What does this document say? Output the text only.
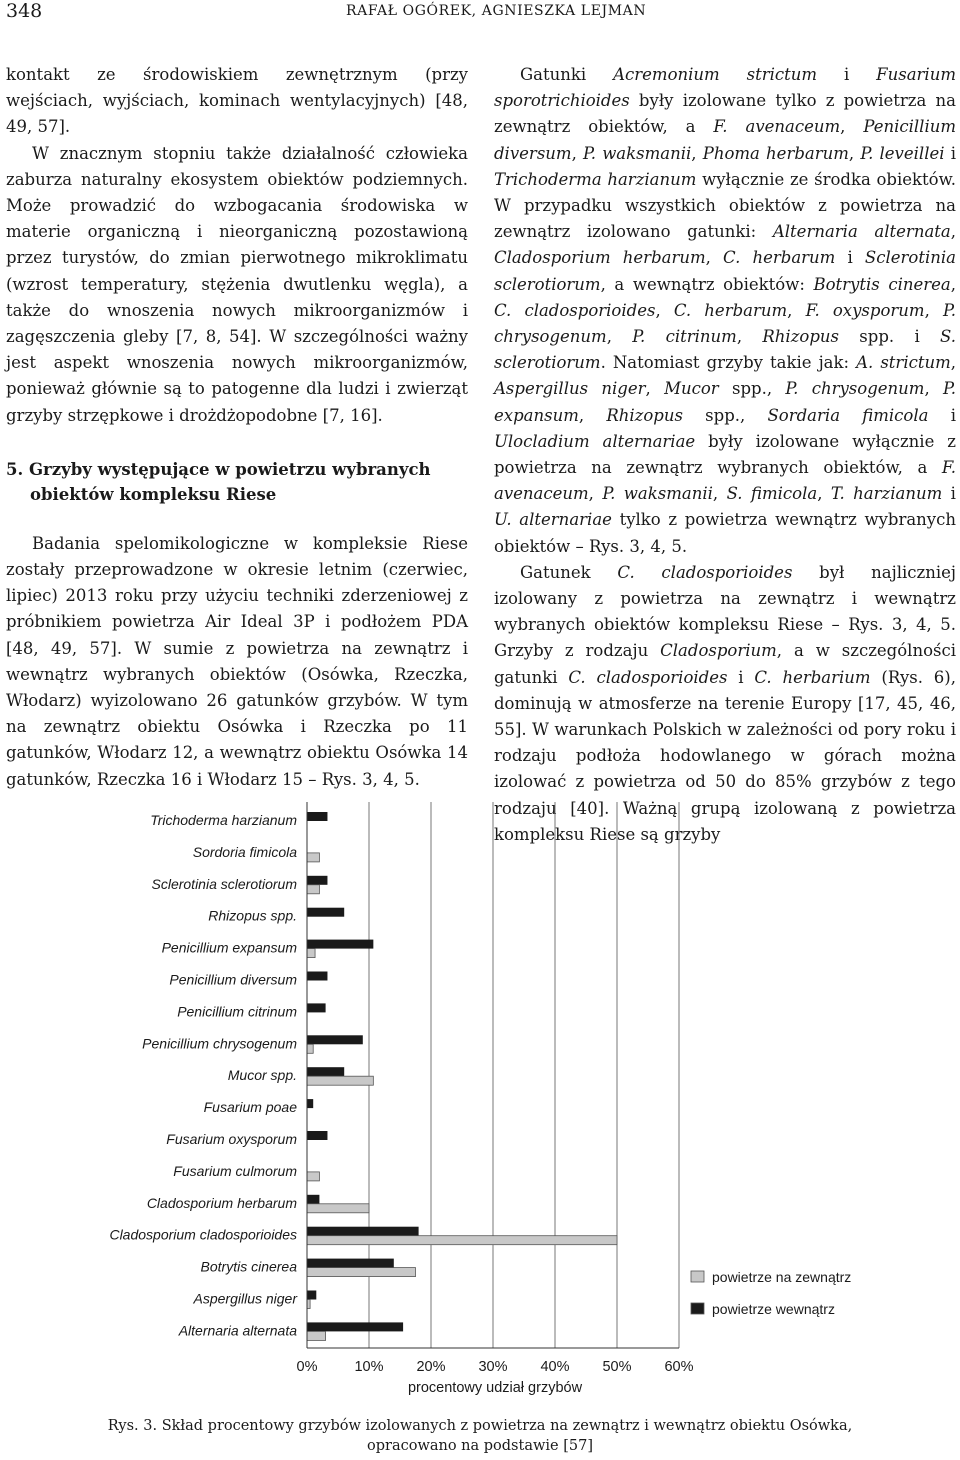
348	RAFAŁ OGÓREK, AGNIESZKA LEJMAN

kontakt ze środowiskiem zewnętrznym (przy wejściach, wyjściach, kominach wentylacyjnych) [48, 49, 57].

W znacznym stopniu także działalność człowieka zaburza naturalny ekosystem obiektów podziemnych. Może prowadzić do wzbogacania środowiska w materie organiczną i nieorganiczną pozostawioną przez turystów, do zmian pierwotnego mikroklimatu (wzrost temperatury, stężenia dwutlenku węgla), a także do wnoszenia nowych mikroorganizmów i zagęszczenia gleby [7, 8, 54]. W szczególności ważny jest aspekt wnoszenia nowych mikroorganizmów, ponieważ głównie są to patogenne dla ludzi i zwierząt grzyby strzępkowe i drożdżopodobne [7, 16].

5. Grzyby występujące w powietrzu wybranych obiektów kompleksu Riese

Badania spelomikologiczne w kompleksie Riese zostały przeprowadzone w okresie letnim (czerwiec, lipiec) 2013 roku przy użyciu techniki zderzeniowej z próbnikiem powietrza Air Ideal 3P i podłożem PDA [48, 49, 57]. W sumie z powietrza na zewnątrz i wewnątrz wybranych obiektów (Osówka, Rzeczka, Włodarz) wyizolowano 26 gatunków grzybów. W tym na zewnątrz obiektu Osówka i Rzeczka po 11 gatunków, Włodarz 12, a wewnątrz obiektu Osówka 14 gatunków, Rzeczka 16 i Włodarz 15 – Rys. 3, 4, 5.

Gatunki Acremonium strictum i Fusarium sporotrichioides były izolowane tylko z powietrza na zewnątrz obiektów, a F. avenaceum, Penicillium diversum, P. waksmanii, Phoma herbarum, P. leveillei i Trichoderma harzianum wyłącznie ze środka obiektów. W przypadku wszystkich obiektów z powietrza na zewnątrz izolowano gatunki: Alternaria alternata, Cladosporium herbarum, C. herbarum i Sclerotinia sclerotiorum, a wewnątrz obiektów: Botrytis cinerea, C. cladosporioides, C. herbarum, F. oxysporum, P. chrysogenum, P. citrinum, Rhizopus spp. i S. sclerotiorum. Natomiast grzyby takie jak: A. strictum, Aspergillus niger, Mucor spp., P. chrysogenum, P. expansum, Rhizopus spp., Sordaria fimicola i Ulocladium alternariae były izolowane wyłącznie z powietrza na zewnątrz wybranych obiektów, a F. avenaceum, P. waksmanii, S. fimicola, T. harzianum i U. alternariae tylko z powietrza wewnątrz wybranych obiektów – Rys. 3, 4, 5.

Gatunek C. cladosporioides był najliczniej izolowany z powietrza na zewnątrz i wewnątrz wybranych obiektów kompleksu Riese – Rys. 3, 4, 5. Grzyby z rodzaju Cladosporium, a w szczególności gatunki C. cladosporioides i C. herbarium (Rys. 6), dominują w atmosferze na terenie Europy [17, 45, 46, 55]. W warunkach Polskich w zależności od pory roku i rodzaju podłoża hodowlanego w górach można izolować z powietrza od 50 do 85% grzybów z tego rodzaju [40]. Ważną grupą izolowaną z powietrza kompleksu Riese są grzyby

0%	10% 20% 30% 40% 50% 60%
procentowy udział grzybów
Trichoderma harzianum
Sordoria fimicola
Sclerotinia sclerotiorum
Rhizopus spp.
Penicillium expansum
Penicillium diversum
Penicillium citrinum
Penicillium chrysogenum
Mucor spp.
Fusarium poae
Fusarium oxysporum
Fusarium culmorum
Cladosporium herbarum
Cladosporium cladosporioides
Botrytis cinerea
Aspergillus niger
Alternaria alternata
powietrze na zewnątrz
powietrze wewnątrz
Rys. 3. Skład procentowy grzybów izolowanych z powietrza na zewnątrz i wewnątrz obiektu Osówka,
opracowano na podstawie [57]
